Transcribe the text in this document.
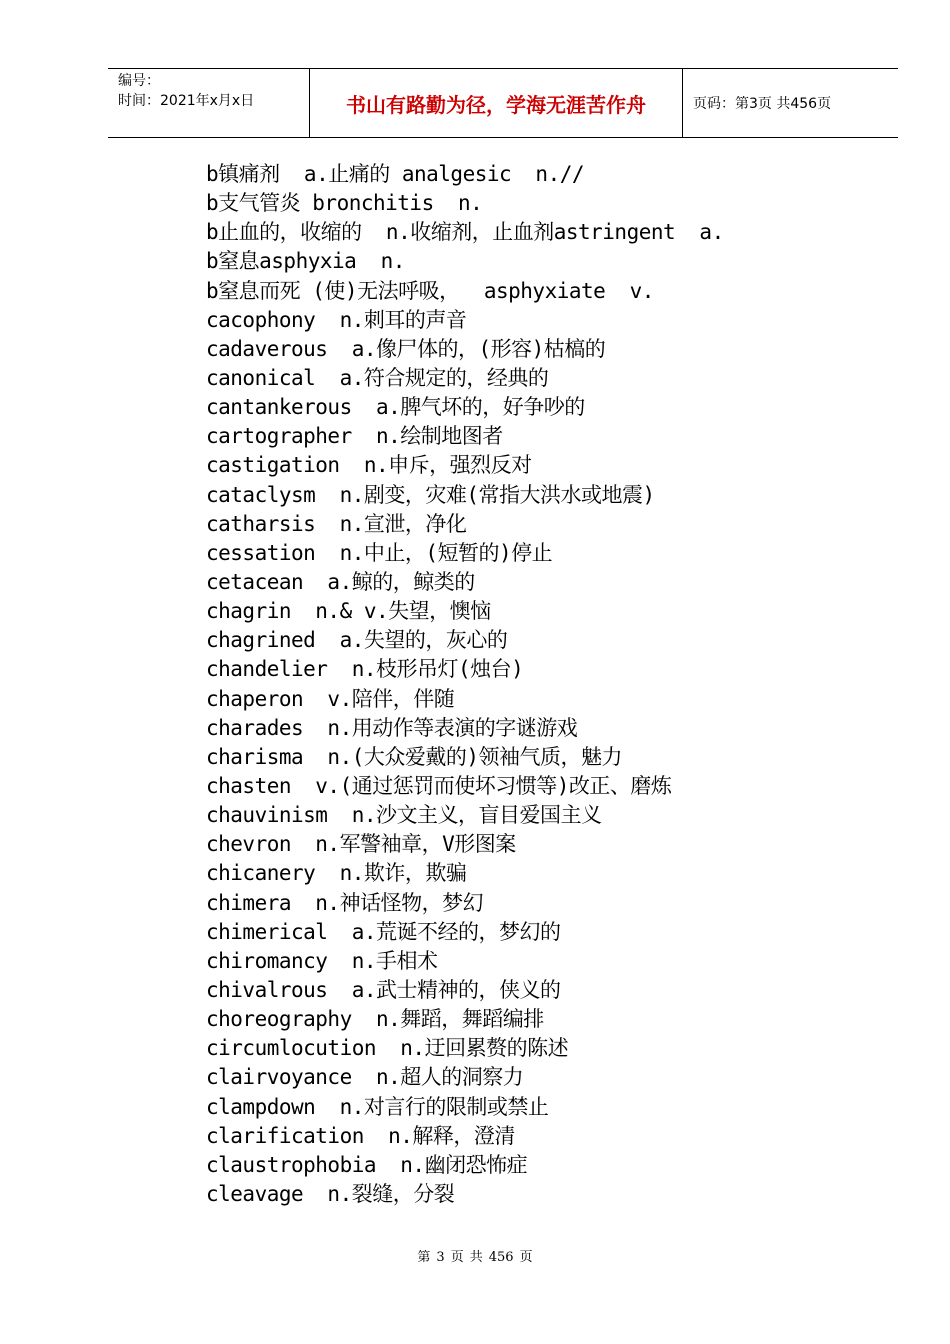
编号：
时间：2021年x月x日	书山有路勤为径，学海无涯苦作舟	页码：第3页 共456页
b镇痛剂  a.止痛的 analgesic  n.//
b支气管炎 bronchitis  n.
b止血的，收缩的  n.收缩剂，止血剂astringent  a.
b窒息asphyxia  n.
b窒息而死 (使)无法呼吸，  asphyxiate  v.
cacophony  n.刺耳的声音
cadaverous  a.像尸体的，(形容)枯槁的
canonical  a.符合规定的，经典的
cantankerous  a.脾气坏的，好争吵的
cartographer  n.绘制地图者
castigation  n.申斥，强烈反对
cataclysm  n.剧变，灾难(常指大洪水或地震)
catharsis  n.宣泄，净化
cessation  n.中止，(短暂的)停止
cetacean  a.鲸的，鲸类的
chagrin  n.& v.失望，懊恼
chagrined  a.失望的，灰心的
chandelier  n.枝形吊灯(烛台)
chaperon  v.陪伴，伴随
charades  n.用动作等表演的字谜游戏
charisma  n.(大众爱戴的)领袖气质，魅力
chasten  v.(通过惩罚而使坏习惯等)改正、磨炼
chauvinism  n.沙文主义，盲目爱国主义
chevron  n.军警袖章，V形图案
chicanery  n.欺诈，欺骗
chimera  n.神话怪物，梦幻
chimerical  a.荒诞不经的，梦幻的
chiromancy  n.手相术
chivalrous  a.武士精神的，侠义的
choreography  n.舞蹈，舞蹈编排
circumlocution  n.迂回累赘的陈述
clairvoyance  n.超人的洞察力
clampdown  n.对言行的限制或禁止
clarification  n.解释，澄清
claustrophobia  n.幽闭恐怖症
cleavage  n.裂缝，分裂
第 3 页 共 456 页
